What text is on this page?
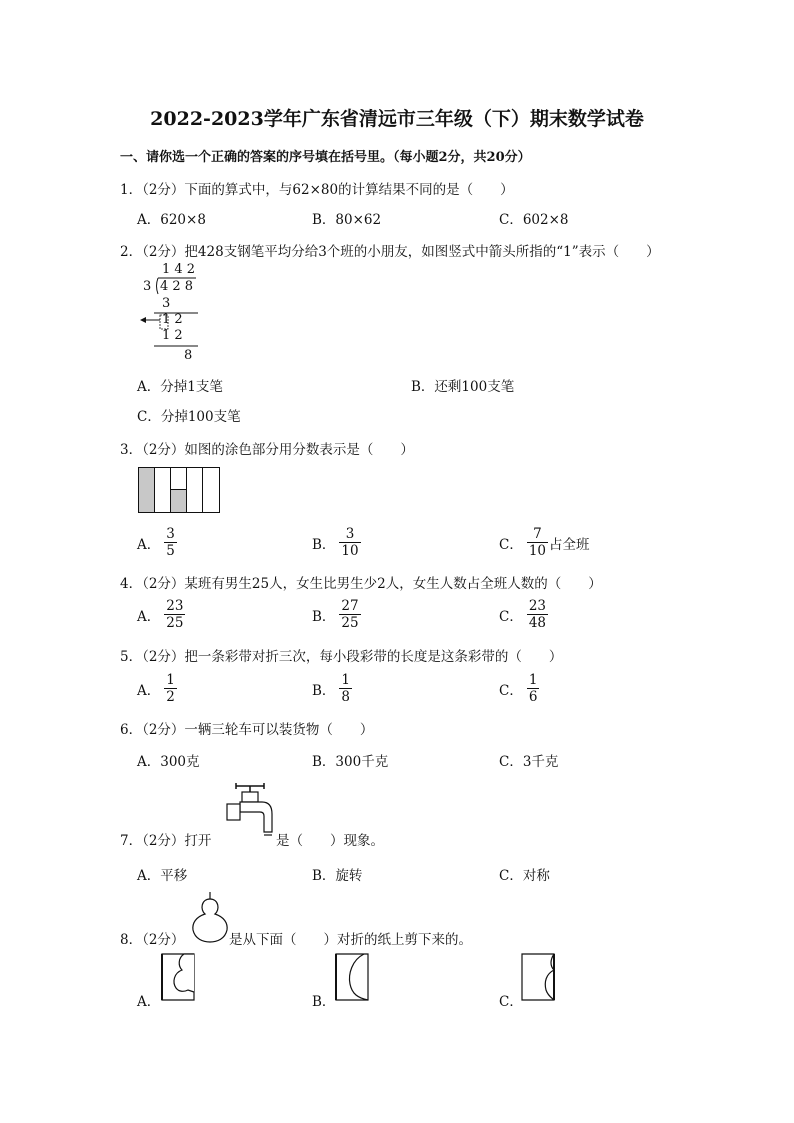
2022-2023学年广东省清远市三年级（下）期末数学试卷
一、请你选一个正确的答案的序号填在括号里。（每小题2分，共20分）
1．（2分）下面的算式中，与62×80的计算结果不同的是（　　）
A．620×8	B．80×62	C．602×8
2．（2分）把428支钢笔平均分给3个班的小朋友，如图竖式中箭头所指的“1”表示（　　）
1 4 2
3 4 2 8
3
1 2
1 2
8
A．分掉1支笔	B．还剩100支笔
C．分掉100支笔
3．（2分）如图的涂色部分用分数表示是（　　）
A． $\frac{3}{5}$	B． $\frac{3}{10}$	C． $\frac{7}{10}$ 占全班
4．（2分）某班有男生25人，女生比男生少2人，女生人数占全班人数的（　　）
A． $\frac{23}{25}$	B． $\frac{27}{25}$	C． $\frac{23}{48}$
5．（2分）把一条彩带对折三次，每小段彩带的长度是这条彩带的（　　）
A． $\frac{1}{2}$	B． $\frac{1}{8}$	C． $\frac{1}{6}$
6．（2分）一辆三轮车可以装货物（　　）
A．300克	B．300千克	C．3千克
7．（2分）打开	是（　　）现象。
A．平移	B．旋转	C．对称
8．（2分）	是从下面（　　）对折的纸上剪下来的。
A．	B．	C．
